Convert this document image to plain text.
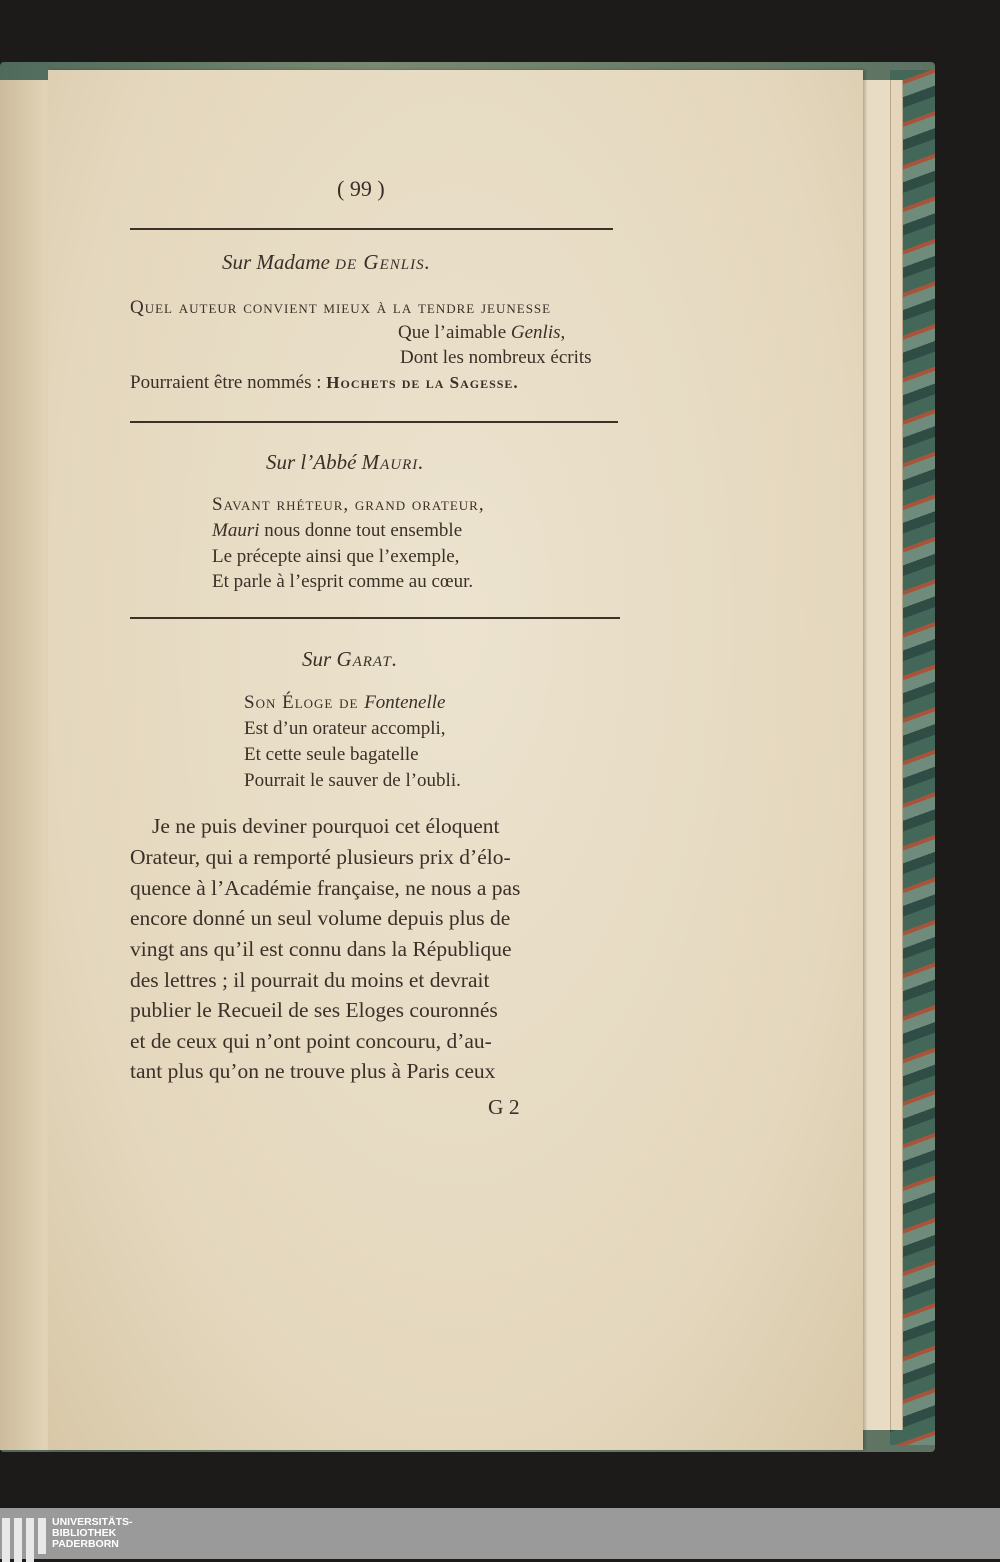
( 99 )
Sur Madame de Genlis.
Quel auteur convient mieux à la tendre jeunesse
Que l’aimable Genlis,
Dont les nombreux écrits
Pourraient être nommés : Hochets de la Sagesse.
Sur l’Abbé Mauri.
Savant rhéteur, grand orateur,
Mauri nous donne tout ensemble
Le précepte ainsi que l’exemple,
Et parle à l’esprit comme au cœur.
Sur Garat.
Son Éloge de Fontenelle
Est d’un orateur accompli,
Et cette seule bagatelle
Pourrait le sauver de l’oubli.
Je ne puis deviner pourquoi cet éloquent
Orateur, qui a remporté plusieurs prix d’élo-
quence à l’Académie française, ne nous a pas
encore donné un seul volume depuis plus de
vingt ans qu’il est connu dans la République
des lettres ; il pourrait du moins et devrait
publier le Recueil de ses Eloges couronnés
et de ceux qui n’ont point concouru, d’au-
tant plus qu’on ne trouve plus à Paris ceux
G 2
UNIVERSITÄTS-
BIBLIOTHEK
PADERBORN
